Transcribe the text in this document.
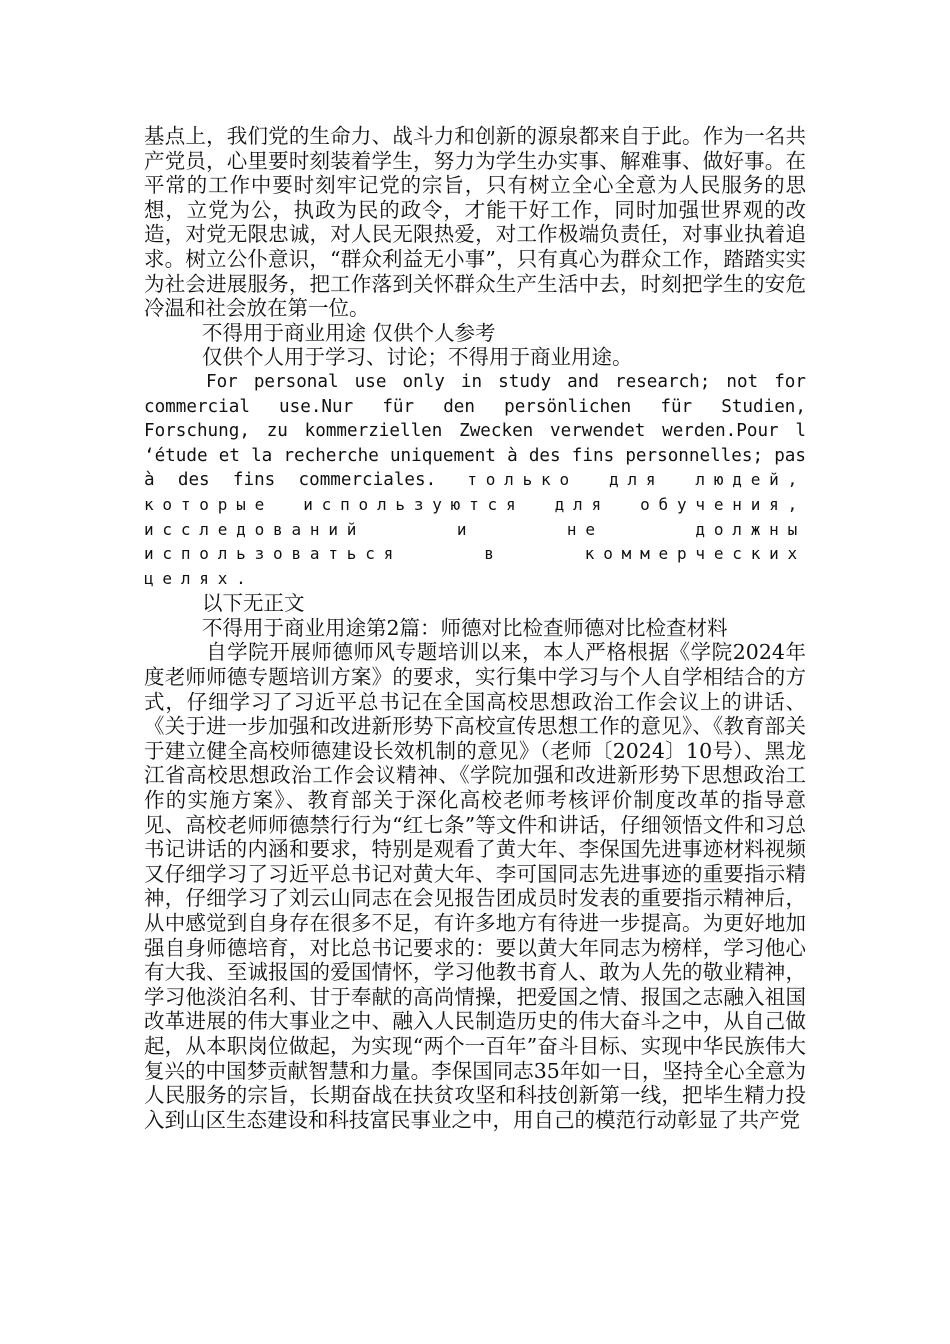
基点上，我们党的生命力、战斗力和创新的源泉都来自于此。作为一名共产党员，心里要时刻装着学生，努力为学生办实事、解难事、做好事。在平常的工作中要时刻牢记党的宗旨，只有树立全心全意为人民服务的思想，立党为公，执政为民的政令，才能干好工作，同时加强世界观的改造，对党无限忠诚，对人民无限热爱，对工作极端负责任，对事业执着追求。树立公仆意识，“群众利益无小事”，只有真心为群众工作，踏踏实实为社会进展服务，把工作落到关怀群众生产生活中去，时刻把学生的安危冷温和社会放在第一位。

不得用于商业用途 仅供个人参考

仅供个人用于学习、讨论；不得用于商业用途。

For personal use only in study and research; not for commercial use.Nur für den persönlichen für Studien, Forschung, zu kommerziellen Zwecken verwendet werden.Pour l ‘étude et la recherche uniquement à des fins personnelles; pas à des fins commerciales. только для людей, которые используются для обучения, исследований и не должны использоваться в коммерческих целях.

以下无正文

不得用于商业用途第2篇：师德对比检查师德对比检查材料

自学院开展师德师风专题培训以来，本人严格根据《学院2024年度老师师德专题培训方案》的要求，实行集中学习与个人自学相结合的方式，仔细学习了习近平总书记在全国高校思想政治工作会议上的讲话、《关于进一步加强和改进新形势下高校宣传思想工作的意见》、《教育部关于建立健全高校师德建设长效机制的意见》（老师〔2024〕10号）、黑龙江省高校思想政治工作会议精神、《学院加强和改进新形势下思想政治工作的实施方案》、教育部关于深化高校老师考核评价制度改革的指导意见、高校老师师德禁行行为“红七条”等文件和讲话，仔细领悟文件和习总书记讲话的内涵和要求，特别是观看了黄大年、李保国先进事迹材料视频又仔细学习了习近平总书记对黄大年、李可国同志先进事迹的重要指示精神，仔细学习了刘云山同志在会见报告团成员时发表的重要指示精神后，从中感觉到自身存在很多不足，有许多地方有待进一步提高。为更好地加强自身师德培育，对比总书记要求的：要以黄大年同志为榜样，学习他心有大我、至诚报国的爱国情怀，学习他教书育人、敢为人先的敬业精神，学习他淡泊名利、甘于奉献的高尚情操，把爱国之情、报国之志融入祖国改革进展的伟大事业之中、融入人民制造历史的伟大奋斗之中，从自己做起，从本职岗位做起，为实现“两个一百年”奋斗目标、实现中华民族伟大复兴的中国梦贡献智慧和力量。李保国同志35年如一日，坚持全心全意为人民服务的宗旨，长期奋战在扶贫攻坚和科技创新第一线，把毕生精力投入到山区生态建设和科技富民事业之中，用自己的模范行动彰显了共产党
